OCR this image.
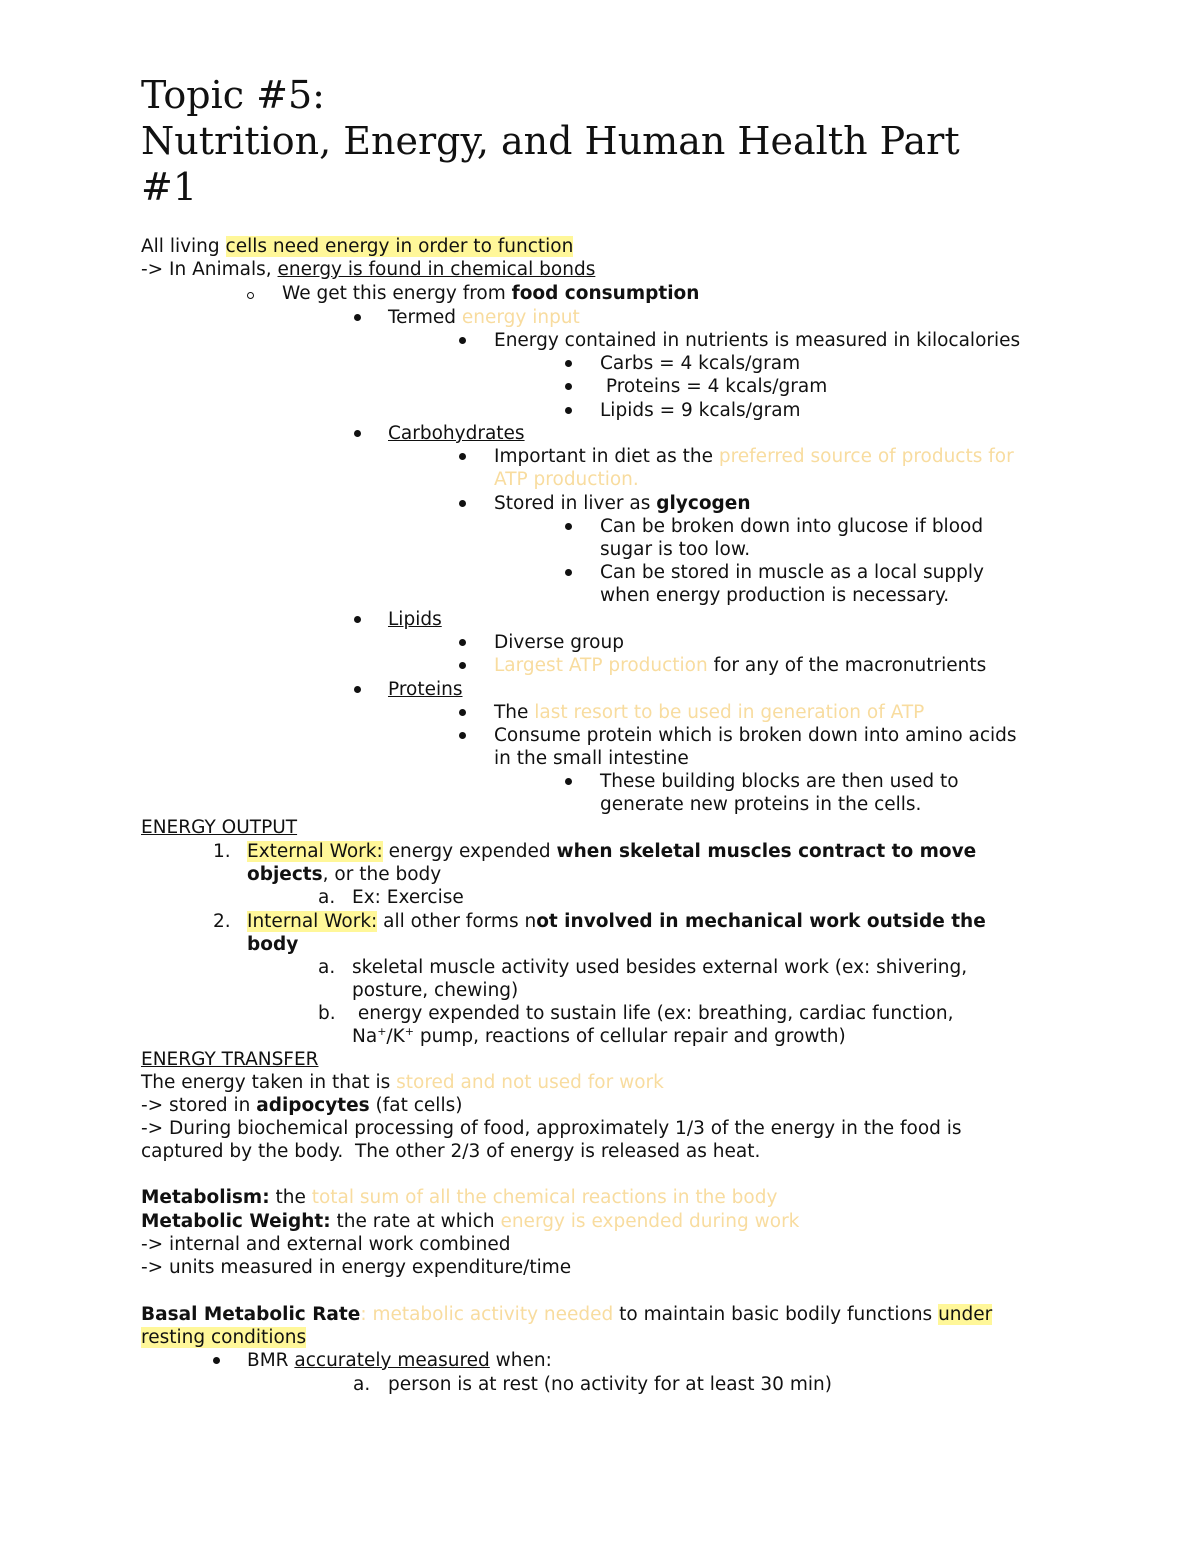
Topic #5:
Nutrition, Energy, and Human Health Part
#1
All living cells need energy in order to function
-> In Animals, energy is found in chemical bonds
We get this energy from food consumption
Termed energy input
Energy contained in nutrients is measured in kilocalories
Carbs = 4 kcals/gram
Proteins = 4 kcals/gram
Lipids = 9 kcals/gram
Carbohydrates
Important in diet as the preferred source of products for
ATP production.
Stored in liver as glycogen
Can be broken down into glucose if blood
sugar is too low.
Can be stored in muscle as a local supply
when energy production is necessary.
Lipids
Diverse group
Largest ATP production for any of the macronutrients
Proteins
The last resort to be used in generation of ATP
Consume protein which is broken down into amino acids
in the small intestine
These building blocks are then used to
generate new proteins in the cells.
ENERGY OUTPUT
1. External Work: energy expended when skeletal muscles contract to move
objects, or the body
a. Ex: Exercise
2. Internal Work: all other forms not involved in mechanical work outside the
body
a. skeletal muscle activity used besides external work (ex: shivering,
posture, chewing)
b. energy expended to sustain life (ex: breathing, cardiac function,
Na+/K+ pump, reactions of cellular repair and growth)
ENERGY TRANSFER
The energy taken in that is stored and not used for work
-> stored in adipocytes (fat cells)
-> During biochemical processing of food, approximately 1/3 of the energy in the food is
captured by the body.  The other 2/3 of energy is released as heat.
Metabolism: the total sum of all the chemical reactions in the body
Metabolic Weight: the rate at which energy is expended during work
-> internal and external work combined
-> units measured in energy expenditure/time
Basal Metabolic Rate: metabolic activity needed to maintain basic bodily functions under
resting conditions
BMR accurately measured when:
a. person is at rest (no activity for at least 30 min)
